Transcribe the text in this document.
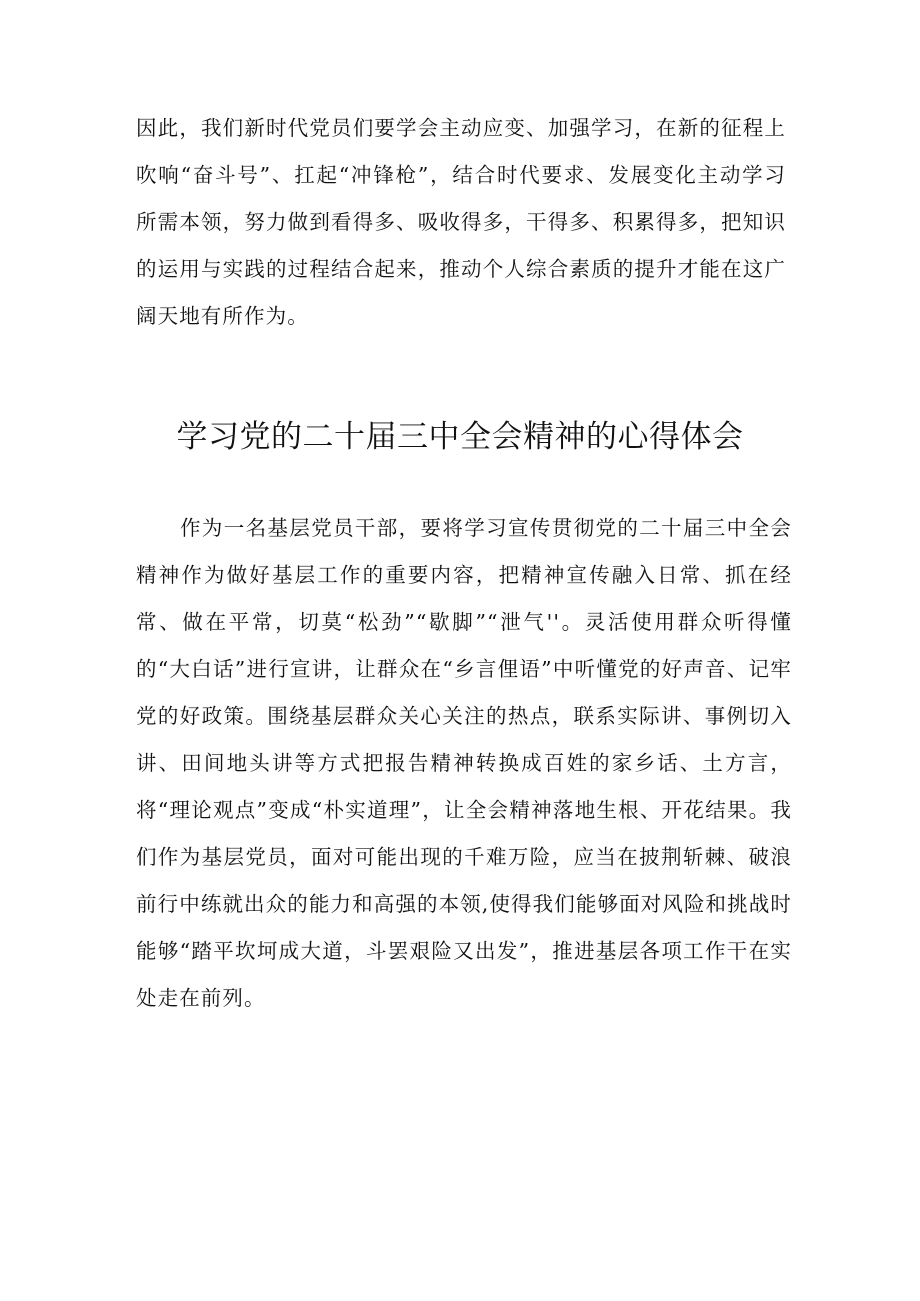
因此，我们新时代党员们要学会主动应变、加强学习，在新的征程上吹响“奋斗号”、扛起“冲锋枪”，结合时代要求、发展变化主动学习所需本领，努力做到看得多、吸收得多，干得多、积累得多，把知识的运用与实践的过程结合起来，推动个人综合素质的提升才能在这广阔天地有所作为。

学习党的二十届三中全会精神的心得体会

作为一名基层党员干部，要将学习宣传贯彻党的二十届三中全会精神作为做好基层工作的重要内容，把精神宣传融入日常、抓在经常、做在平常，切莫“松劲”“歇脚”“泄气''。灵活使用群众听得懂的“大白话”进行宣讲，让群众在“乡言俚语”中听懂党的好声音、记牢党的好政策。围绕基层群众关心关注的热点，联系实际讲、事例切入讲、田间地头讲等方式把报告精神转换成百姓的家乡话、土方言，将“理论观点”变成“朴实道理”，让全会精神落地生根、开花结果。我们作为基层党员，面对可能出现的千难万险，应当在披荆斩棘、破浪前行中练就出众的能力和高强的本领,使得我们能够面对风险和挑战时能够“踏平坎坷成大道，斗罢艰险又出发”，推进基层各项工作干在实处走在前列。
